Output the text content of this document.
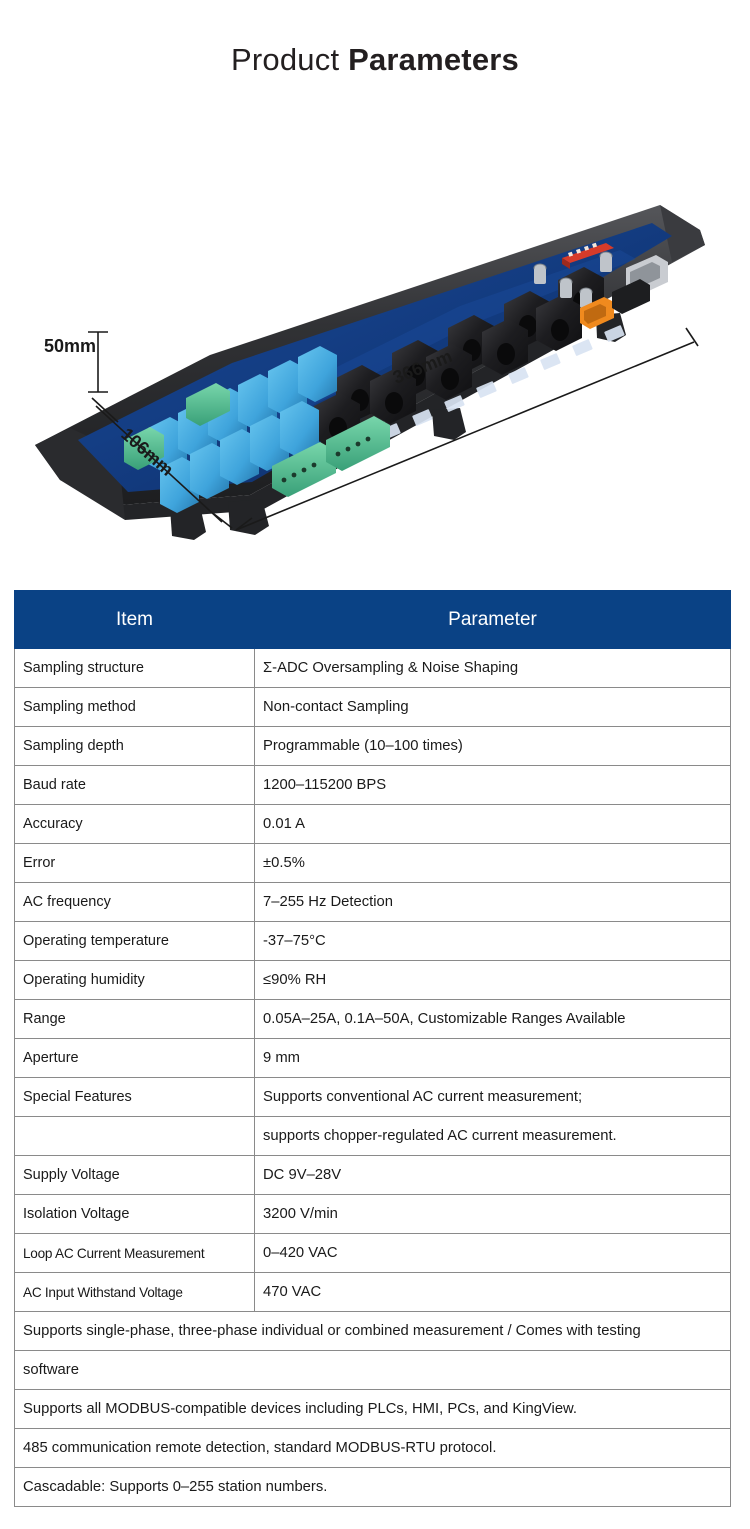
Product Parameters
50mm
106mm
366mm
Item	Parameter
Sampling structure	Σ-ADC Oversampling & Noise Shaping
Sampling method	Non-contact Sampling
Sampling depth	Programmable (10–100 times)
Baud rate	1200–115200 BPS
Accuracy	0.01 A
Error	±0.5%
AC frequency	7–255 Hz Detection
Operating temperature	-37–75°C
Operating humidity	≤90% RH
Range	0.05A–25A, 0.1A–50A, Customizable Ranges Available
Aperture	9 mm
Special Features	Supports conventional AC current measurement;
	supports chopper-regulated AC current measurement.
Supply Voltage	DC 9V–28V
Isolation Voltage	3200 V/min
Loop AC Current Measurement	0–420 VAC
AC Input Withstand Voltage	470 VAC
Supports single-phase, three-phase individual or combined measurement / Comes with testing	
software	
Supports all MODBUS-compatible devices including PLCs, HMI, PCs, and KingView.	
485 communication remote detection, standard MODBUS-RTU protocol.	
Cascadable: Supports 0–255 station numbers.	
